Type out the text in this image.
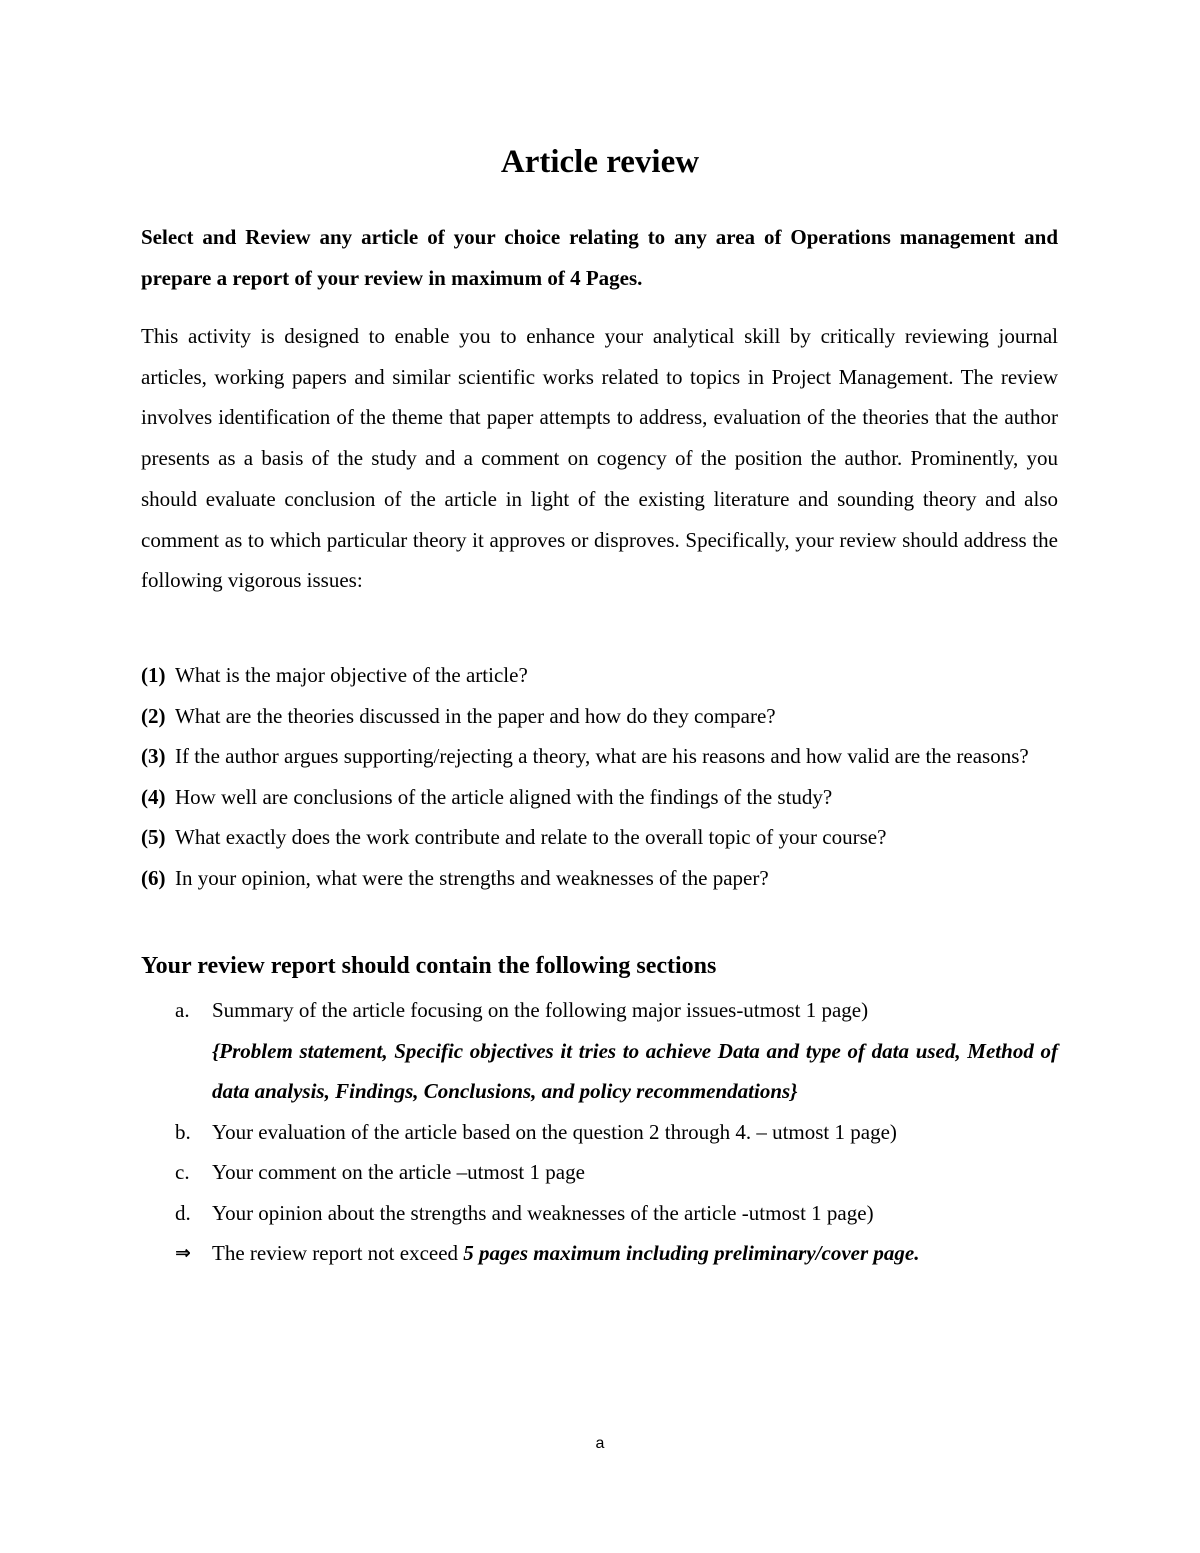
Article review
Select and Review any article of your choice relating to any area of Operations management and prepare a report of your review in maximum of 4 Pages.
This activity is designed to enable you to enhance your analytical skill by critically reviewing journal articles, working papers and similar scientific works related to topics in Project Management. The review involves identification of the theme that paper attempts to address, evaluation of the theories that the author presents as a basis of the study and a comment on cogency of the position the author. Prominently, you should evaluate conclusion of the article in light of the existing literature and sounding theory and also comment as to which particular theory it approves or disproves. Specifically, your review should address the following vigorous issues:
(1) What is the major objective of the article?
(2) What are the theories discussed in the paper and how do they compare?
(3) If the author argues supporting/rejecting a theory, what are his reasons and how valid are the reasons?
(4) How well are conclusions of the article aligned with the findings of the study?
(5) What exactly does the work contribute and relate to the overall topic of your course?
(6) In your opinion, what were the strengths and weaknesses of the paper?
Your review report should contain the following sections
a. Summary of the article focusing on the following major issues-utmost 1 page)
{Problem statement, Specific objectives it tries to achieve Data and type of data used, Method of data analysis, Findings, Conclusions, and policy recommendations}
b. Your evaluation of the article based on the question 2 through 4. – utmost 1 page)
c. Your comment on the article –utmost 1 page
d. Your opinion about the strengths and weaknesses of the article -utmost 1 page)
⇒ The review report not exceed 5 pages maximum including preliminary/cover page.
a
